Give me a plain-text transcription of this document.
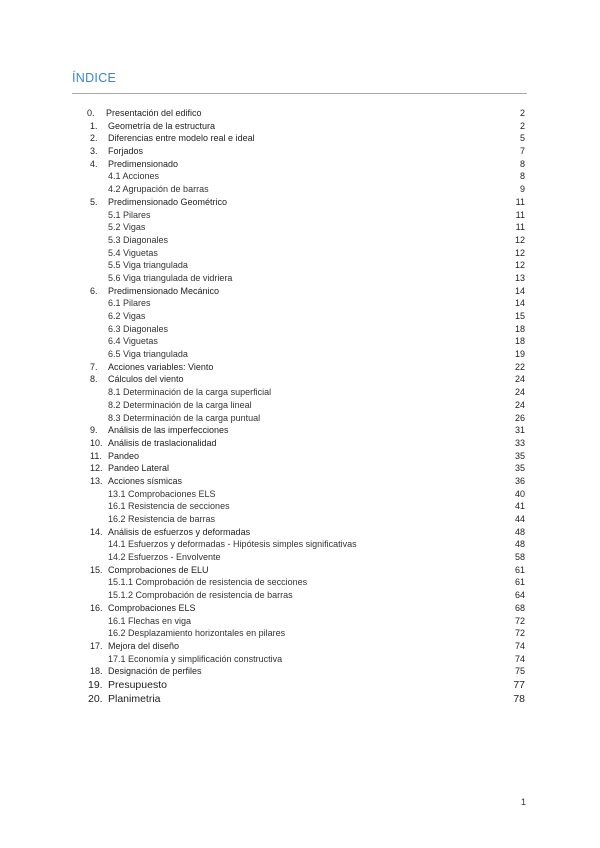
ÍNDICE
0. Presentación del edifico	2
1. Geometría de la estructura	2
2. Diferencias entre modelo real e ideal	5
3. Forjados	7
4. Predimensionado	8
4.1 Acciones	8
4.2 Agrupación de barras	9
5. Predimensionado Geométrico	11
5.1 Pilares	11
5.2 Vigas	11
5.3 Diagonales	12
5.4 Viguetas	12
5.5 Viga triangulada	12
5.6 Viga triangulada de vidriera	13
6. Predimensionado Mecánico	14
6.1 Pilares	14
6.2 Vigas	15
6.3 Diagonales	18
6.4 Viguetas	18
6.5 Viga triangulada	19
7. Acciones variables: Viento	22
8. Cálculos del viento	24
8.1 Determinación de la carga superficial	24
8.2 Determinación de la carga lineal	24
8.3 Determinación de la carga puntual	26
9. Análisis de las imperfecciones	31
10. Análisis de traslacionalidad	33
11. Pandeo	35
12. Pandeo Lateral	35
13. Acciones sísmicas	36
13.1 Comprobaciones ELS	40
16.1 Resistencia de secciones	41
16.2 Resistencia de barras	44
14. Análisis de esfuerzos y deformadas	48
14.1 Esfuerzos y deformadas - Hipótesis simples significativas	48
14.2 Esfuerzos - Envolvente	58
15. Comprobaciones de ELU	61
15.1.1 Comprobación de resistencia de secciones	61
15.1.2 Comprobación de resistencia de barras	64
16. Comprobaciones ELS	68
16.1 Flechas en viga	72
16.2 Desplazamiento horizontales en pilares	72
17. Mejora del diseño	74
17.1 Economía y simplificación constructiva	74
18. Designación de perfiles	75
19. Presupuesto	77
20. Planimetria	78
1
